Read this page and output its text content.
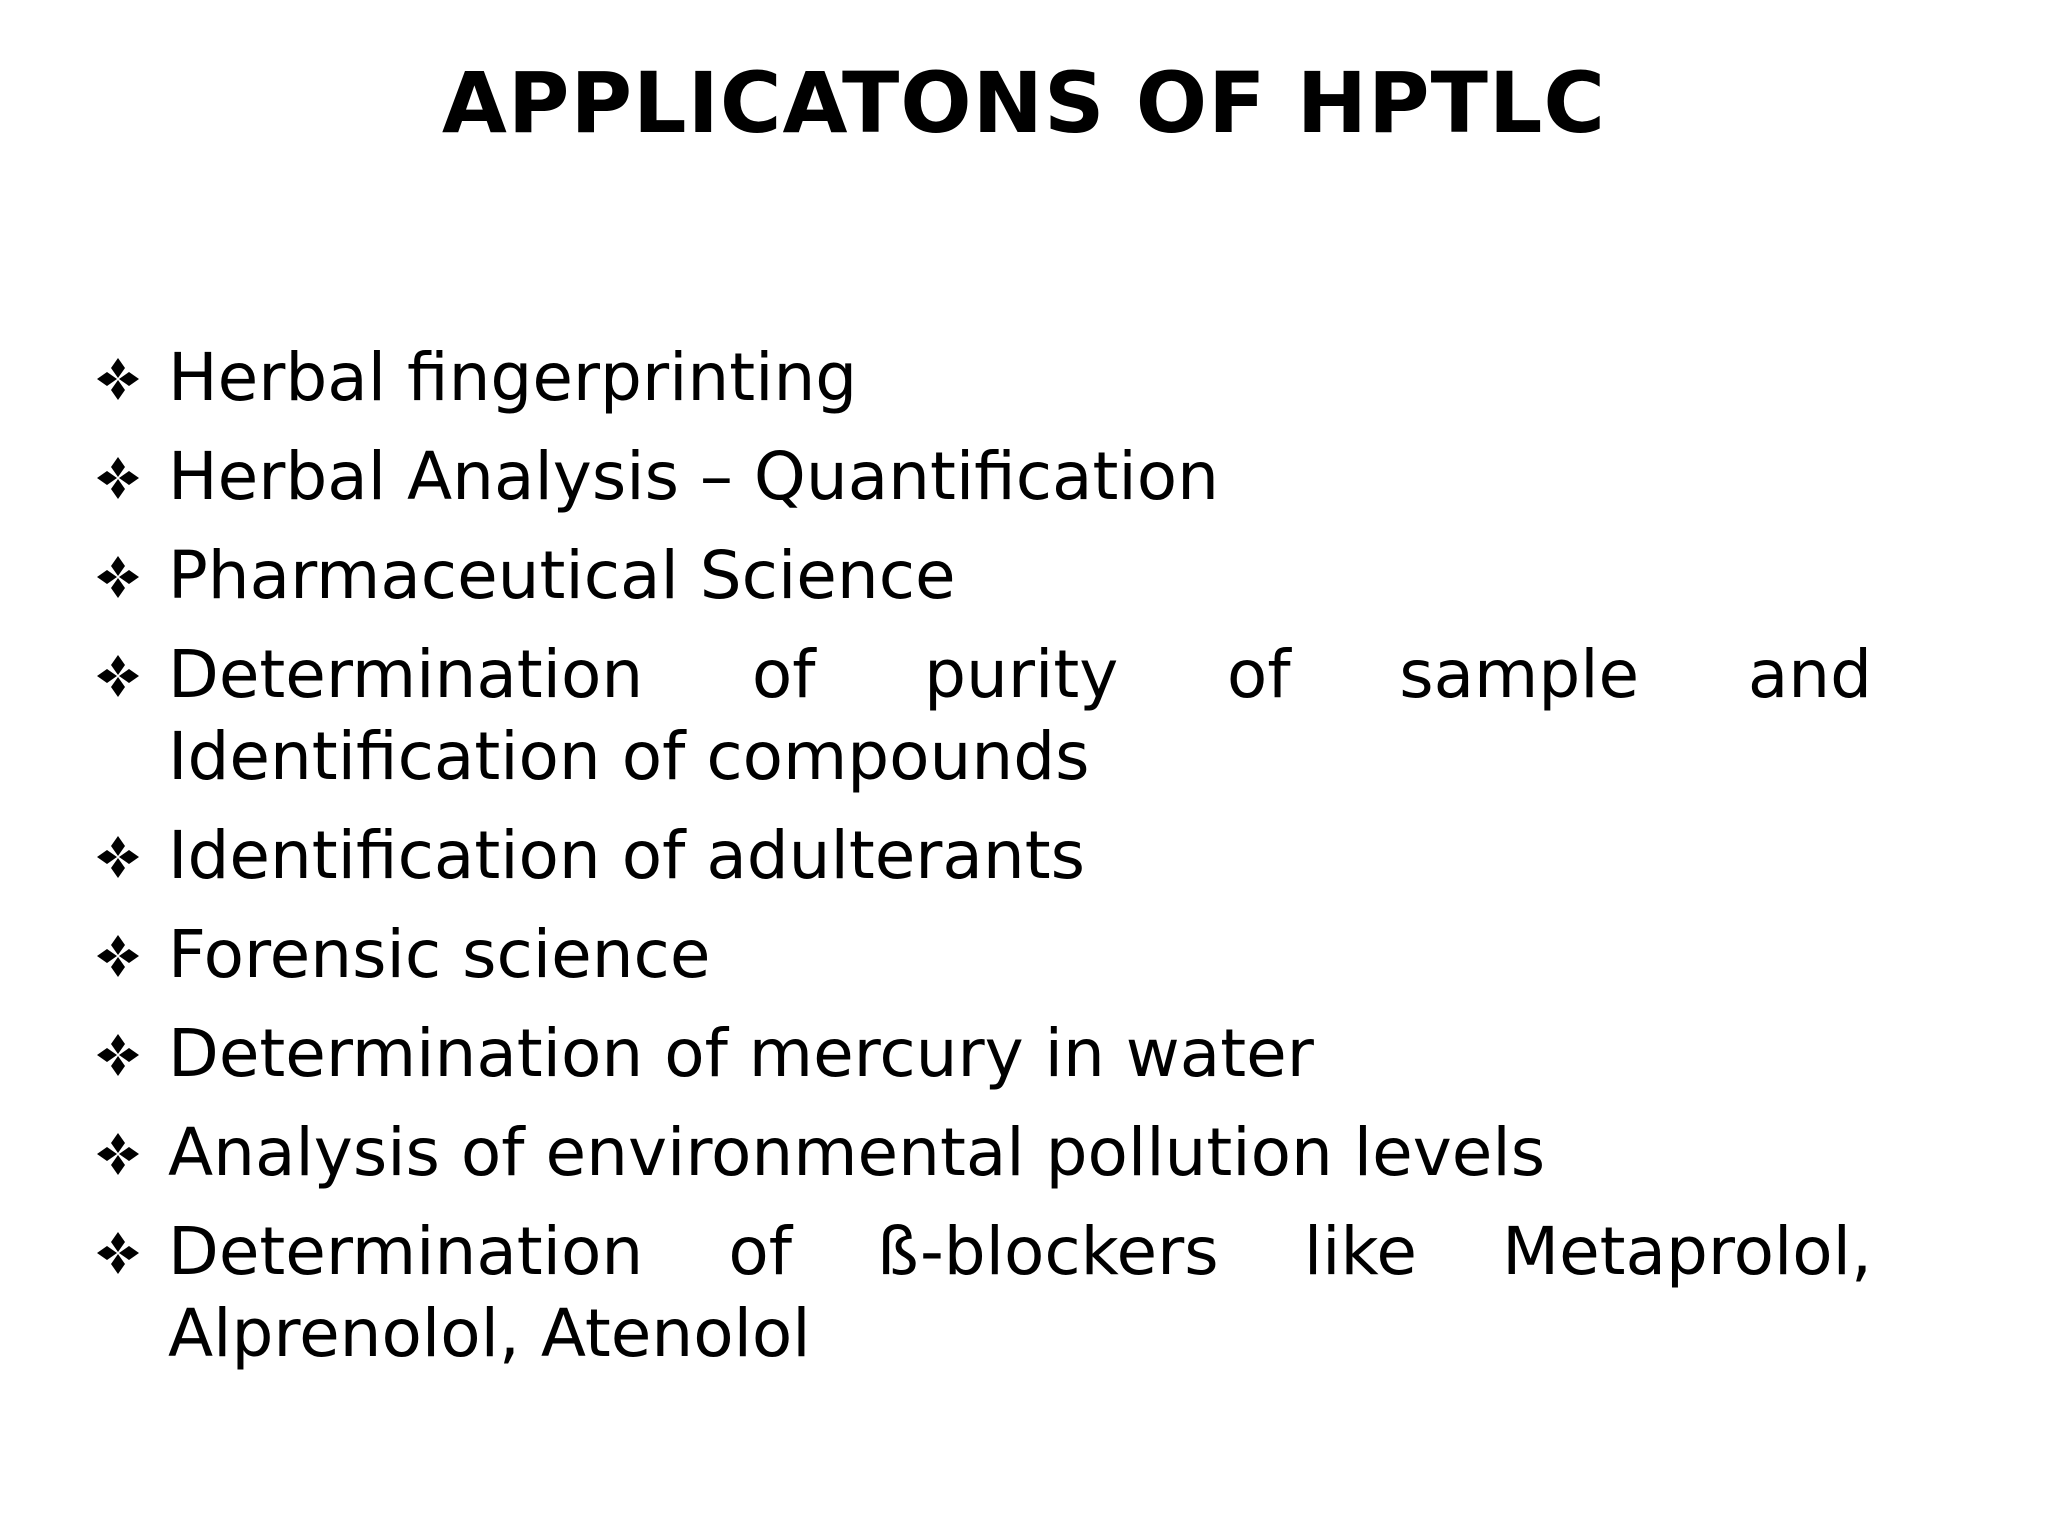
APPLICATONS OF HPTLC
Herbal fingerprinting
Herbal Analysis – Quantification
Pharmaceutical Science
Determination of purity of sample and Identification of compounds
Identification of adulterants
Forensic science
Determination of mercury in water
Analysis of environmental pollution levels
Determination of ß-blockers like Metaprolol, Alprenolol, Atenolol
